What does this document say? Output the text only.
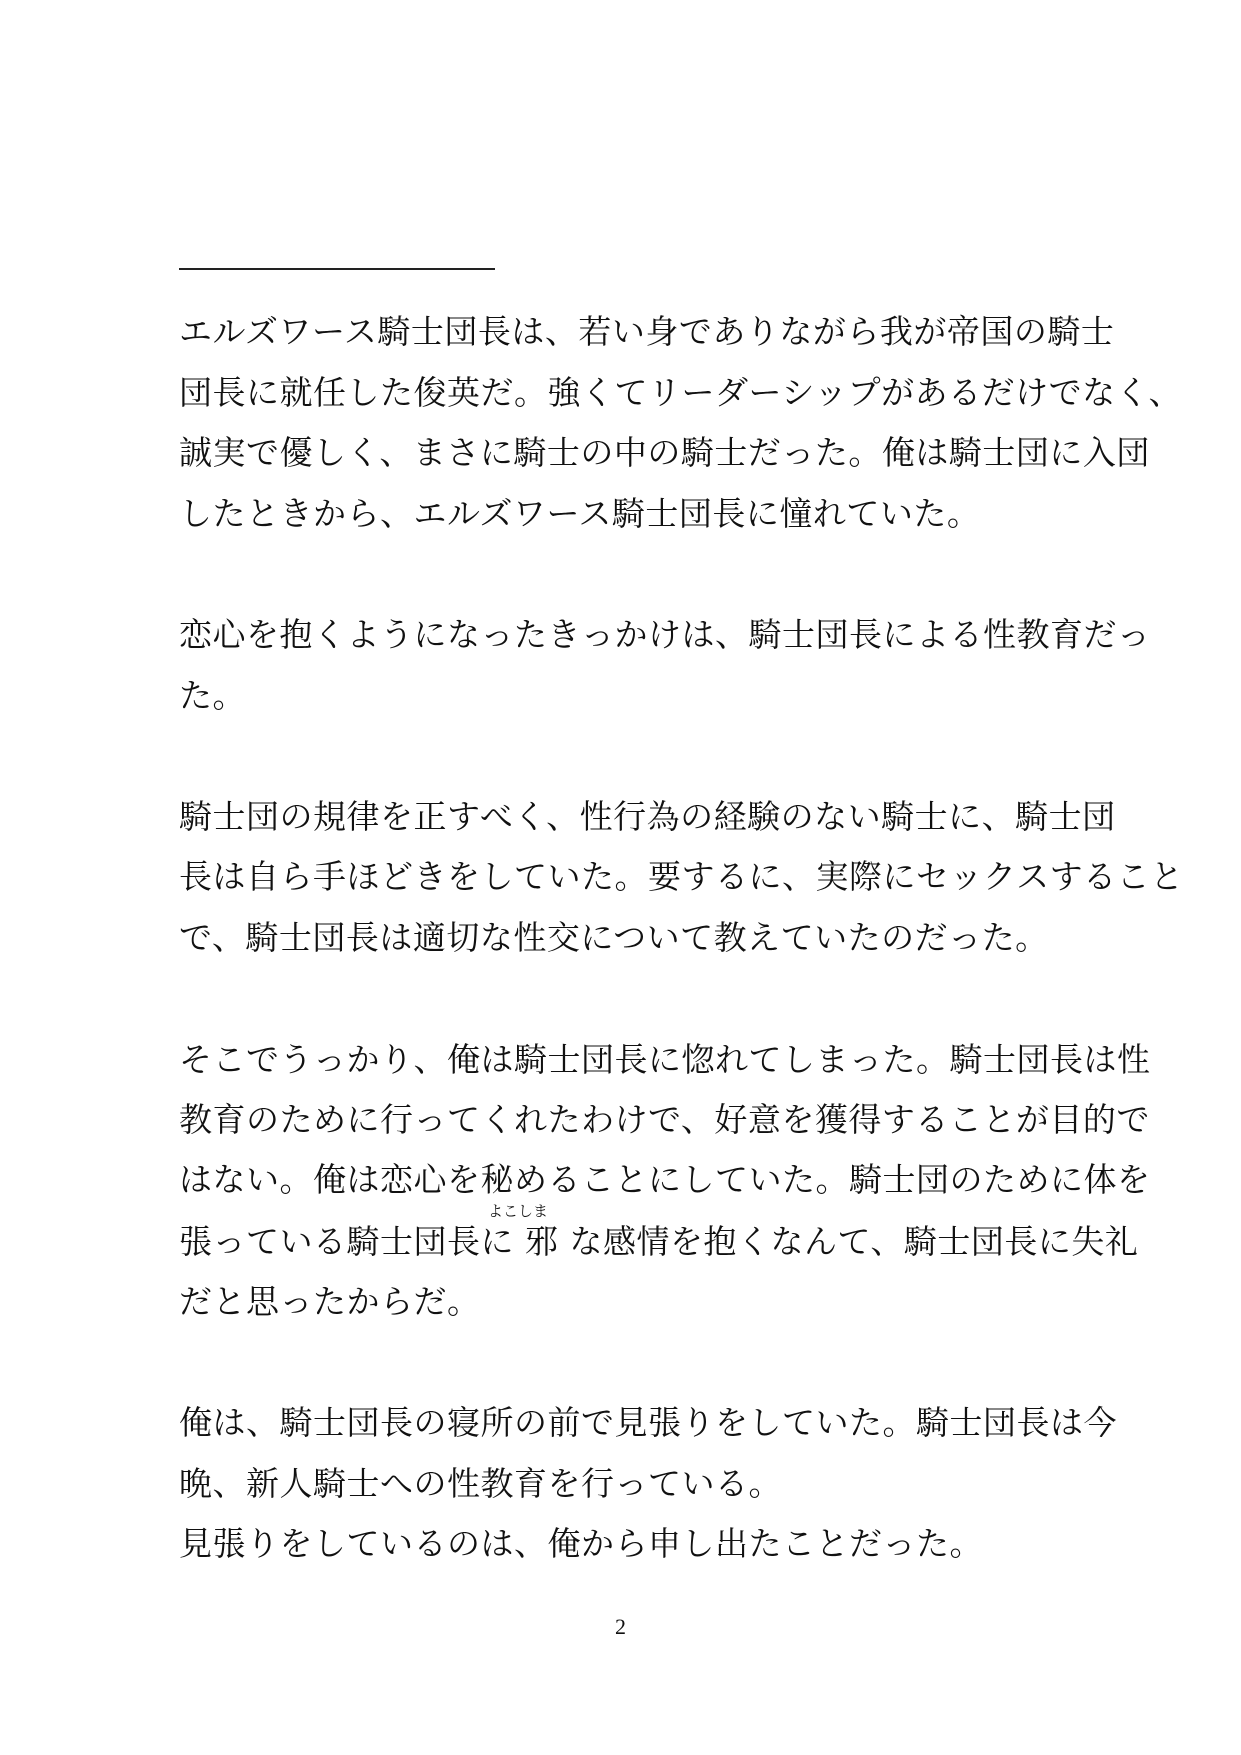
エルズワース騎士団長は、若い身でありながら我が帝国の騎士
団長に就任した俊英だ。強くてリーダーシップがあるだけでなく、
誠実で優しく、まさに騎士の中の騎士だった。俺は騎士団に入団
したときから、エルズワース騎士団長に憧れていた。
恋心を抱くようになったきっかけは、騎士団長による性教育だっ
た。
騎士団の規律を正すべく、性行為の経験のない騎士に、騎士団
長は自ら手ほどきをしていた。要するに、実際にセックスすること
で、騎士団長は適切な性交について教えていたのだった。
そこでうっかり、俺は騎士団長に惚れてしまった。騎士団長は性
教育のために行ってくれたわけで、好意を獲得することが目的で
はない。俺は恋心を秘めることにしていた。騎士団のために体を
よこしま
張っている騎士団長に 邪 な感情を抱くなんて、騎士団長に失礼
だと思ったからだ。
俺は、騎士団長の寝所の前で見張りをしていた。騎士団長は今
晩、新人騎士への性教育を行っている。
見張りをしているのは、俺から申し出たことだった。
2
